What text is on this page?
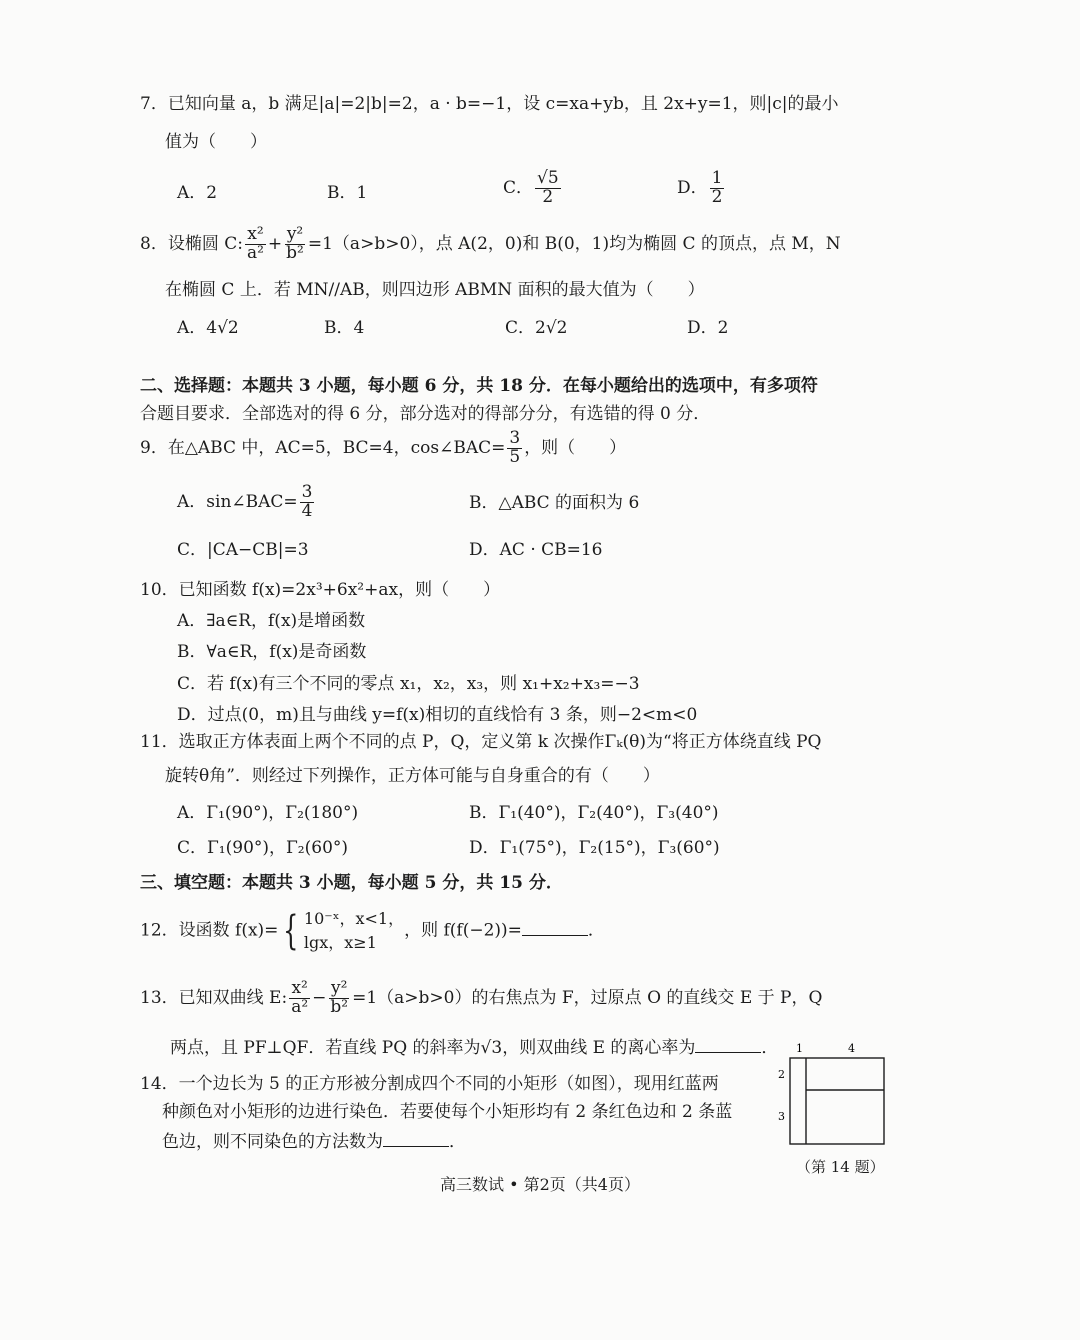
7．已知向量 a，b 满足|a|=2|b|=2，a · b=−1，设 c=xa+yb，且 2x+y=1，则|c|的最小
值为（　　）
A．2	B．1	C． $\frac{√5}{2}$	D． $\frac{1}{2}$
8．设椭圆 C: $\frac{\text{x²}}{\text{a²}} + \frac{\text{y²}}{\text{b²}} =1(a>b>0)$，点 A(2，0)和 B(0，1)均为椭圆 C 的顶点，点 M，N
在椭圆 C 上．若 MN//AB，则四边形 ABMN 面积的最大值为（　　）
A．4√2	B．4	C．2√2	D．2
二、选择题：本题共 3 小题，每小题 6 分，共 18 分．在每小题给出的选项中，有多项符
合题目要求．全部选对的得 6 分，部分选对的得部分分，有选错的得 0 分．
9．在△ABC 中，AC=5，BC=4，cos∠BAC= $\frac{3}{5}$ ，则（　　）
A．sin∠BAC= $\frac{3}{4}$	B．△ABC 的面积为 6
C．|CA−CB|=3	D．AC · CB=16
10．已知函数 f(x)=2x³+6x²+ax，则（　　）
A．∃a∈R，f(x)是增函数
B．∀a∈R，f(x)是奇函数
C．若 f(x)有三个不同的零点 x₁，x₂，x₃，则 x₁+x₂+x₃=−3
D．过点(0，m)且与曲线 y=f(x)相切的直线恰有 3 条，则−2<m<0
11．选取正方体表面上两个不同的点 P，Q，定义第 k 次操作Γₖ(θ)为“将正方体绕直线 PQ
旋转θ角”．则经过下列操作，正方体可能与自身重合的有（　　）
A．Γ₁(90°)，Γ₂(180°)	B．Γ₁(40°)，Γ₂(40°)，Γ₃(40°)
C．Γ₁(90°)，Γ₂(60°)	D．Γ₁(75°)，Γ₂(15°)，Γ₃(60°)
三、填空题：本题共 3 小题，每小题 5 分，共 15 分．
12．设函数 f(x)= { 10⁻ˣ，x<1，
lgx，x≥1
，则 f(f(−2))=	．
13．已知双曲线 E: $\frac{\text{x²}}{\text{a²}} - \frac{\text{y²}}{\text{b²}} =1(a>b>0)$的右焦点为 F，过原点 O 的直线交 E 于 P，Q
两点，且 PF⊥QF．若直线 PQ 的斜率为√3，则双曲线 E 的离心率为	．
14．一个边长为 5 的正方形被分割成四个不同的小矩形（如图），现用红蓝两
种颜色对小矩形的边进行染色．若要使每个小矩形均有 2 条红色边和 2 条蓝
色边，则不同染色的方法数为	．
1	4
2
3
（第 14 题）
高三数试 • 第2页（共4页）
